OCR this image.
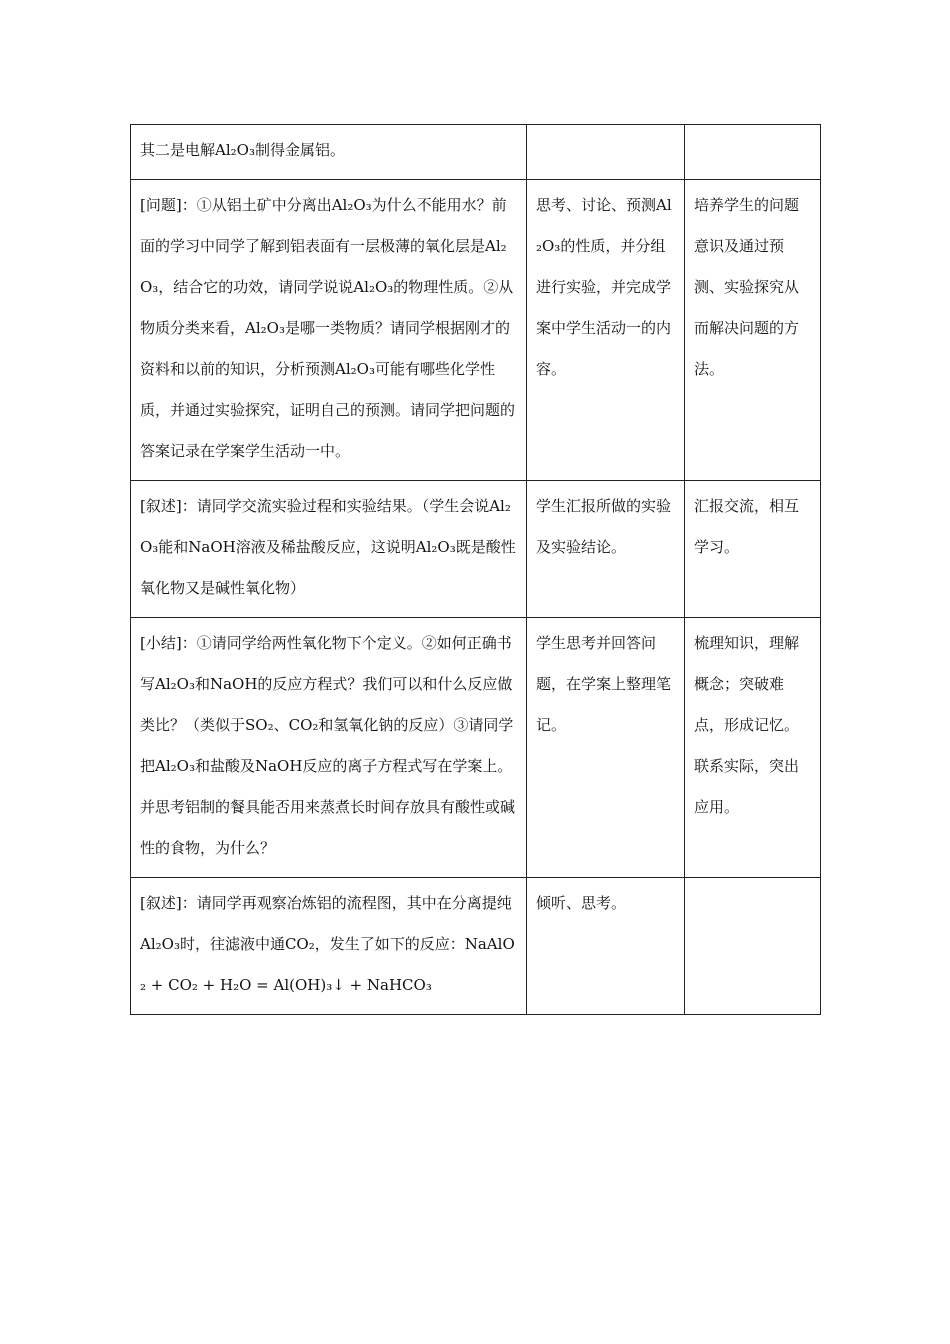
其二是电解Al₂O₃制得金属铝。		
[问题]：①从铝土矿中分离出Al₂O₃为什么不能用水？前面的学习中同学了解到铝表面有一层极薄的氧化层是Al₂O₃，结合它的功效，请同学说说Al₂O₃的物理性质。②从物质分类来看，Al₂O₃是哪一类物质？请同学根据刚才的资料和以前的知识，分析预测Al₂O₃可能有哪些化学性质，并通过实验探究，证明自己的预测。请同学把问题的答案记录在学案学生活动一中。	思考、讨论、预测Al₂O₃的性质，并分组进行实验，并完成学案中学生活动一的内容。	培养学生的问题意识及通过预测、实验探究从而解决问题的方法。
[叙述]：请同学交流实验过程和实验结果。（学生会说Al₂O₃能和NaOH溶液及稀盐酸反应，这说明Al₂O₃既是酸性氧化物又是碱性氧化物）	学生汇报所做的实验及实验结论。	汇报交流，相互学习。
[小结]：①请同学给两性氧化物下个定义。②如何正确书写Al₂O₃和NaOH的反应方程式？我们可以和什么反应做类比？（类似于SO₂、CO₂和氢氧化钠的反应）③请同学把Al₂O₃和盐酸及NaOH反应的离子方程式写在学案上。并思考铝制的餐具能否用来蒸煮长时间存放具有酸性或碱性的食物，为什么？	学生思考并回答问题，在学案上整理笔记。	梳理知识，理解概念；突破难点，形成记忆。联系实际，突出应用。
[叙述]：请同学再观察冶炼铝的流程图，其中在分离提纯Al₂O₃时，往滤液中通CO₂，发生了如下的反应：NaAlO₂ + CO₂ + H₂O = Al(OH)₃↓ + NaHCO₃	倾听、思考。	
